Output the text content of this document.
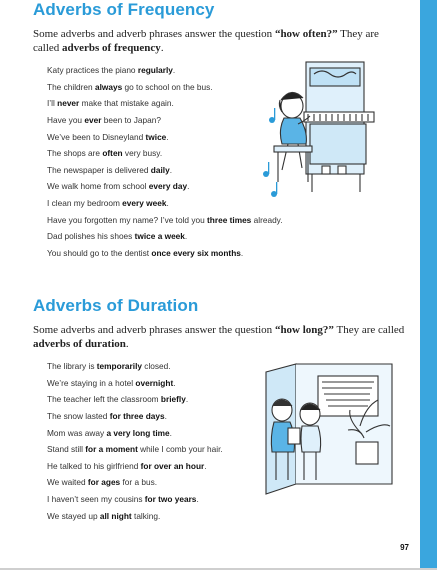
Adverbs of Frequency

Some adverbs and adverb phrases answer the question “how often?” They are called adverbs of frequency.

Katy practices the piano regularly.
The children always go to school on the bus.
I’ll never make that mistake again.
Have you ever been to Japan?
We’ve been to Disneyland twice.
The shops are often very busy.
The newspaper is delivered daily.
We walk home from school every day.
I clean my bedroom every week.
Have you forgotten my name? I’ve told you three times already.
Dad polishes his shoes twice a week.
You should go to the dentist once every six months.
Adverbs of Duration

Some adverbs and adverb phrases answer the question “how long?” They are called adverbs of duration.

The library is temporarily closed.
We’re staying in a hotel overnight.
The teacher left the classroom briefly.
The snow lasted for three days.
Mom was away a very long time.
Stand still for a moment while I comb your hair.
He talked to his girlfriend for over an hour.
We waited for ages for a bus.
I haven’t seen my cousins for two years.
We stayed up all night talking.
97
